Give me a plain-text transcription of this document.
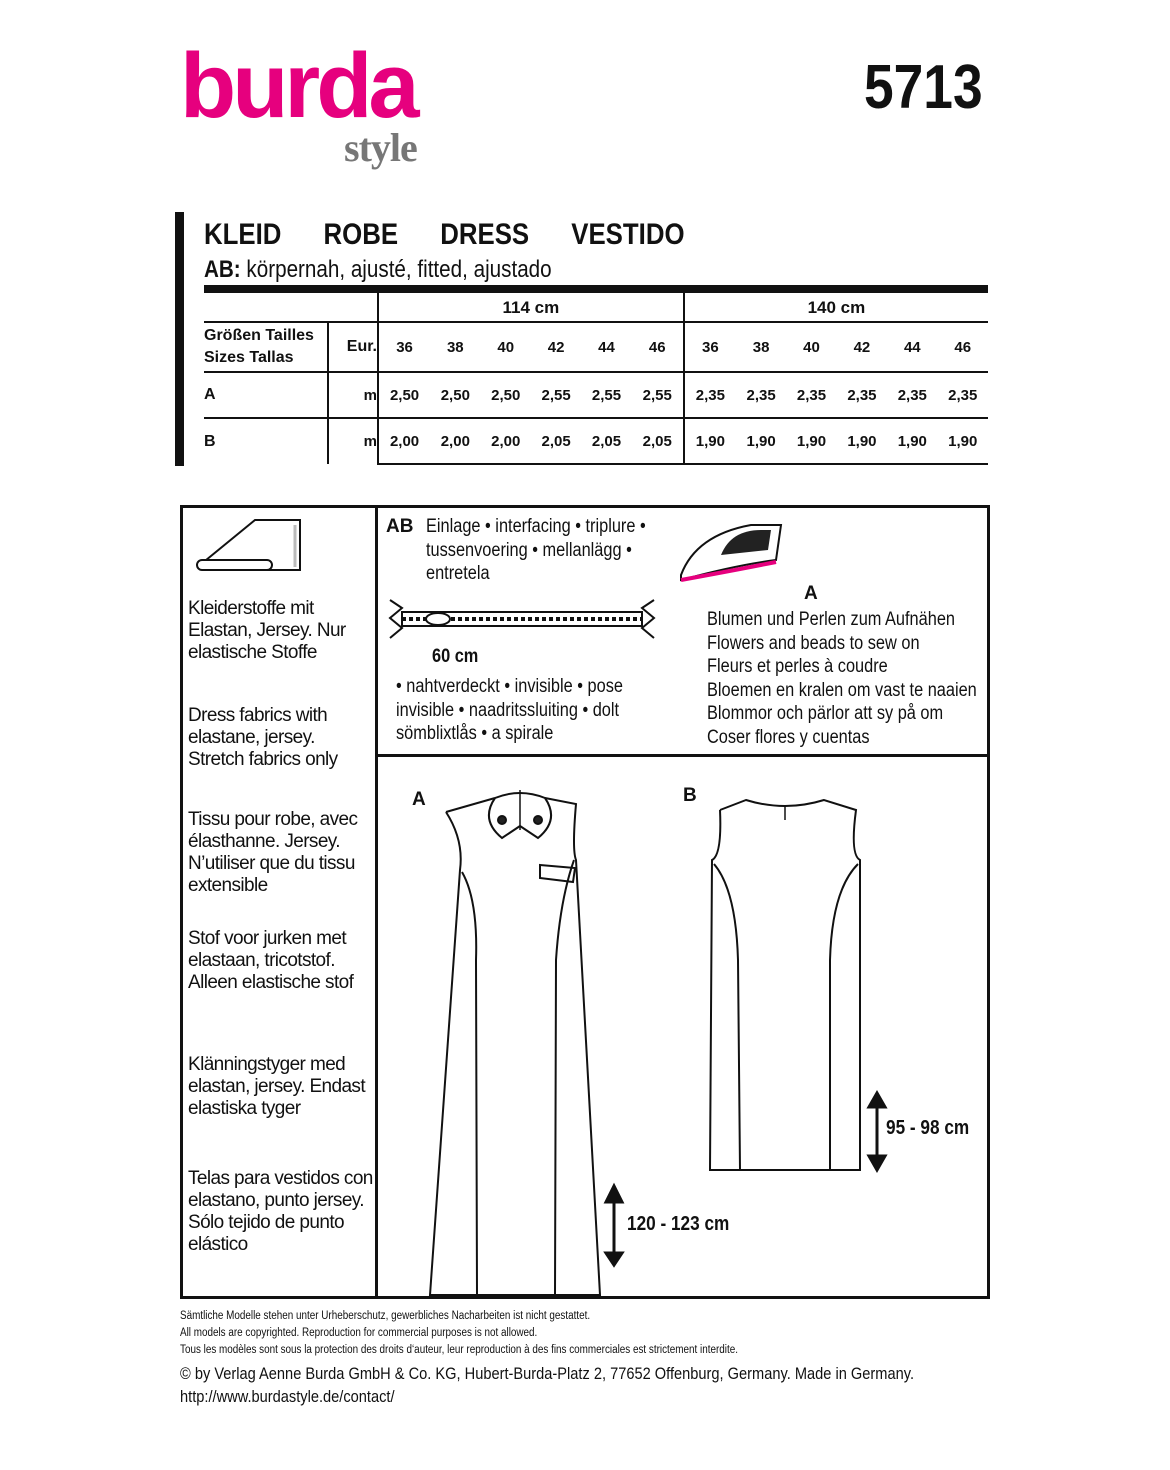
burda
style
5713
KLEID   ROBE   DRESS   VESTIDO
AB: körpernah, ajusté, fitted, ajustado
		114 cm						140 cm					

Größen Tailles
Sizes Tallas	Eur.	36	38	40	42	44	46	36	38	40	42	44	46
A	m	2,50	2,50	2,50	2,55	2,55	2,55	2,35	2,35	2,35	2,35	2,35	2,35
B	m	2,00	2,00	2,00	2,05	2,05	2,05	1,90	1,90	1,90	1,90	1,90	1,90
Kleiderstoffe mit Elastan, Jersey. Nur elastische Stoffe
Dress fabrics with elastane, jersey. Stretch fabrics only
Tissu pour robe, avec élasthanne. Jersey. N’utiliser que du tissu extensible
Stof voor jurken met elastaan, tricotstof. Alleen elastische stof
Klänningstyger med elastan, jersey. Endast elastiska tyger
Telas para vestidos con elastano, punto jersey. Sólo tejido de punto elástico
AB Einlage • interfacing • triplure •
tussenvoering • mellanlägg •
entretela
60 cm
• nahtverdeckt • invisible • pose
invisible • naadritssluiting • dolt
sömblixtlås • a spirale
A
Blumen und Perlen zum Aufnähen
Flowers and beads to sew on
Fleurs et perles à coudre
Bloemen en kralen om vast te naaien
Blommor och pärlor att sy på om
Coser flores y cuentas
A	B
120 - 123 cm
95 - 98 cm
Sämtliche Modelle stehen unter Urheberschutz, gewerbliches Nacharbeiten ist nicht gestattet.
All models are copyrighted. Reproduction for commercial purposes is not allowed.
Tous les modèles sont sous la protection des droits d‘auteur, leur reproduction à des fins commerciales est strictement interdite.
© by Verlag Aenne Burda GmbH & Co. KG, Hubert-Burda-Platz 2, 77652 Offenburg, Germany. Made in Germany.
http://www.burdastyle.de/contact/
